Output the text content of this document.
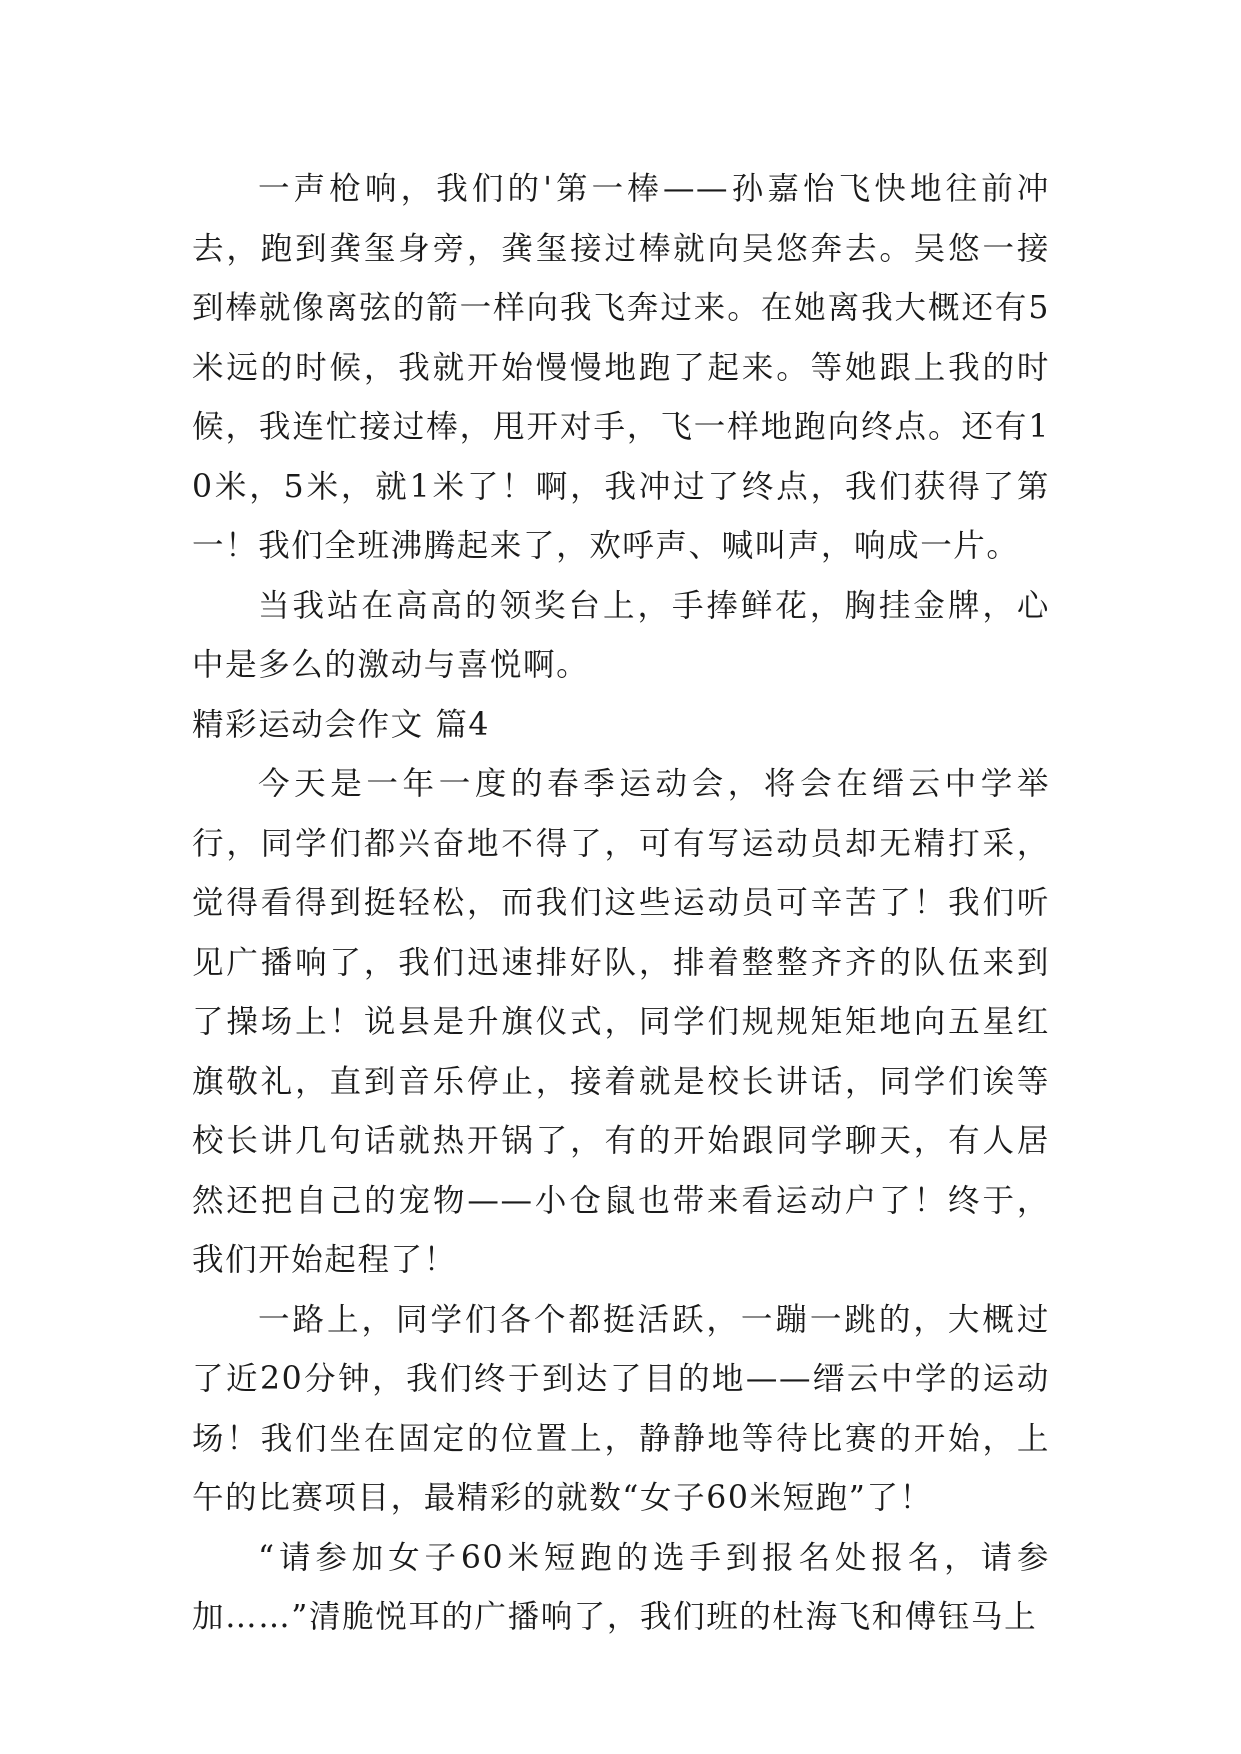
一声枪响，我们的'第一棒——孙嘉怡飞快地往前冲去，跑到龚玺身旁，龚玺接过棒就向吴悠奔去。吴悠一接到棒就像离弦的箭一样向我飞奔过来。在她离我大概还有5米远的时候，我就开始慢慢地跑了起来。等她跟上我的时候，我连忙接过棒，甩开对手，飞一样地跑向终点。还有10米，5米，就1米了！啊，我冲过了终点，我们获得了第一！我们全班沸腾起来了，欢呼声、喊叫声，响成一片。

当我站在高高的领奖台上，手捧鲜花，胸挂金牌，心中是多么的激动与喜悦啊。

精彩运动会作文 篇4

今天是一年一度的春季运动会，将会在缙云中学举行，同学们都兴奋地不得了，可有写运动员却无精打采，觉得看得到挺轻松，而我们这些运动员可辛苦了！我们听见广播响了，我们迅速排好队，排着整整齐齐的队伍来到了操场上！说县是升旗仪式，同学们规规矩矩地向五星红旗敬礼，直到音乐停止，接着就是校长讲话，同学们诶等校长讲几句话就热开锅了，有的开始跟同学聊天，有人居然还把自己的宠物——小仓鼠也带来看运动户了！终于，我们开始起程了！

一路上，同学们各个都挺活跃，一蹦一跳的，大概过了近20分钟，我们终于到达了目的地——缙云中学的运动场！我们坐在固定的位置上，静静地等待比赛的开始，上午的比赛项目，最精彩的就数“女子60米短跑”了！

“请参加女子60米短跑的选手到报名处报名，请参加……”清脆悦耳的广播响了，我们班的杜海飞和傅钰马上
